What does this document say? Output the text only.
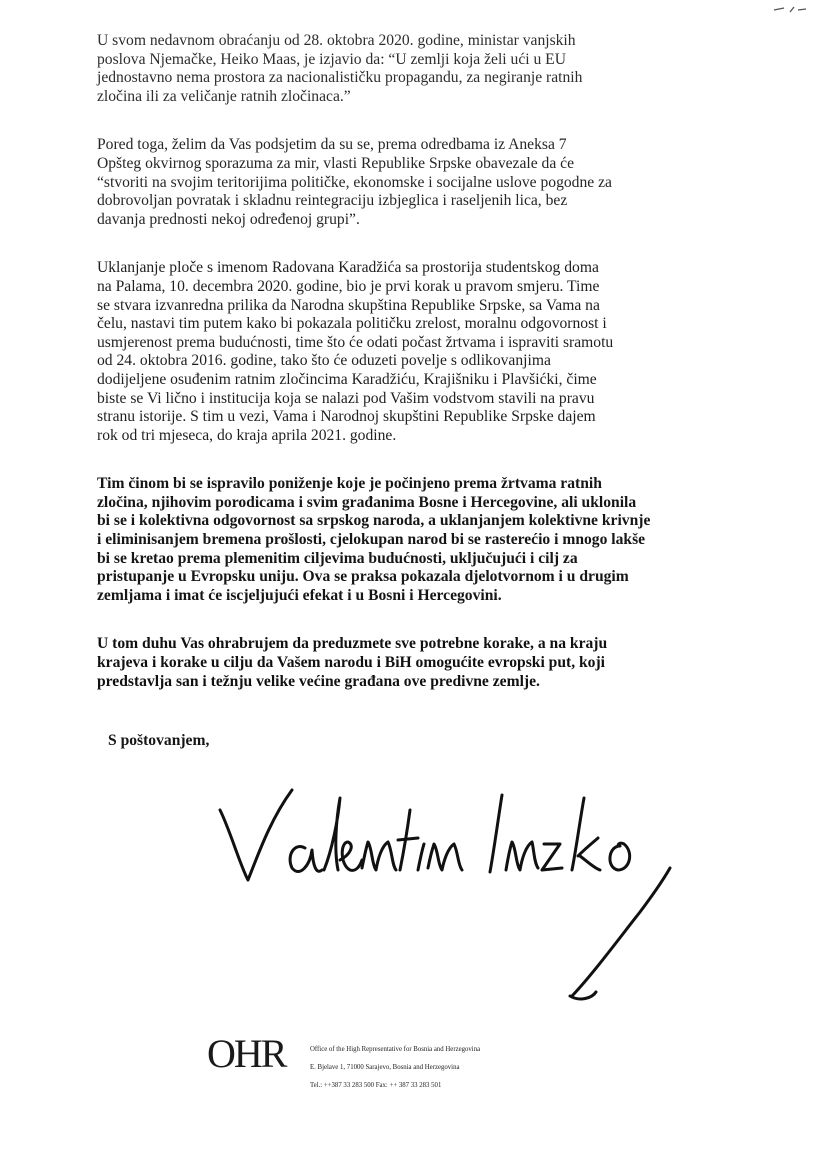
U svom nedavnom obraćanju od 28. oktobra 2020. godine, ministar vanjskih
poslova Njemačke, Heiko Maas, je izjavio da: “U zemlji koja želi ući u EU
jednostavno nema prostora za nacionalističku propagandu, za negiranje ratnih
zločina ili za veličanje ratnih zločinaca.”

Pored toga, želim da Vas podsjetim da su se, prema odredbama iz Aneksa 7
Opšteg okvirnog sporazuma za mir, vlasti Republike Srpske obavezale da će
“stvoriti na svojim teritorijima političke, ekonomske i socijalne uslove pogodne za
dobrovoljan povratak i skladnu reintegraciju izbjeglica i raseljenih lica, bez
davanja prednosti nekoj određenoj grupi”.

Uklanjanje ploče s imenom Radovana Karadžića sa prostorija studentskog doma
na Palama, 10. decembra 2020. godine, bio je prvi korak u pravom smjeru. Time
se stvara izvanredna prilika da Narodna skupština Republike Srpske, sa Vama na
čelu, nastavi tim putem kako bi pokazala političku zrelost, moralnu odgovornost i
usmjerenost prema budućnosti, time što će odati počast žrtvama i ispraviti sramotu
od 24. oktobra 2016. godine, tako što će oduzeti povelje s odlikovanjima
dodijeljene osuđenim ratnim zločincima Karadžiću, Krajišniku i Plavšićki, čime
biste se Vi lično i institucija koja se nalazi pod Vašim vodstvom stavili na pravu
stranu istorije. S tim u vezi, Vama i Narodnoj skupštini Republike Srpske dajem
rok od tri mjeseca, do kraja aprila 2021. godine.

Tim činom bi se ispravilo poniženje koje je počinjeno prema žrtvama ratnih
zločina, njihovim porodicama i svim građanima Bosne i Hercegovine, ali uklonila
bi se i kolektivna odgovornost sa srpskog naroda, a uklanjanjem kolektivne krivnje
i eliminisanjem bremena prošlosti, cjelokupan narod bi se rasterećio i mnogo lakše
bi se kretao prema plemenitim ciljevima budućnosti, uključujući i cilj za
pristupanje u Evropsku uniju. Ova se praksa pokazala djelotvornom i u drugim
zemljama i imat će iscjeljujući efekat i u Bosni i Hercegovini.

U tom duhu Vas ohrabrujem da preduzmete sve potrebne korake, a na kraju
krajeva i korake u cilju da Vašem narodu i BiH omogućite evropski put, koji
predstavlja san i težnju velike većine građana ove predivne zemlje.

S poštovanjem,
OHR	Office of the High Representative for Bosnia and Herzegovina

E. Bjelave 1, 71000 Sarajevo, Bosnia and Herzegovina

Tel.: ++387 33 283 500 Fax: ++ 387 33 283 501
